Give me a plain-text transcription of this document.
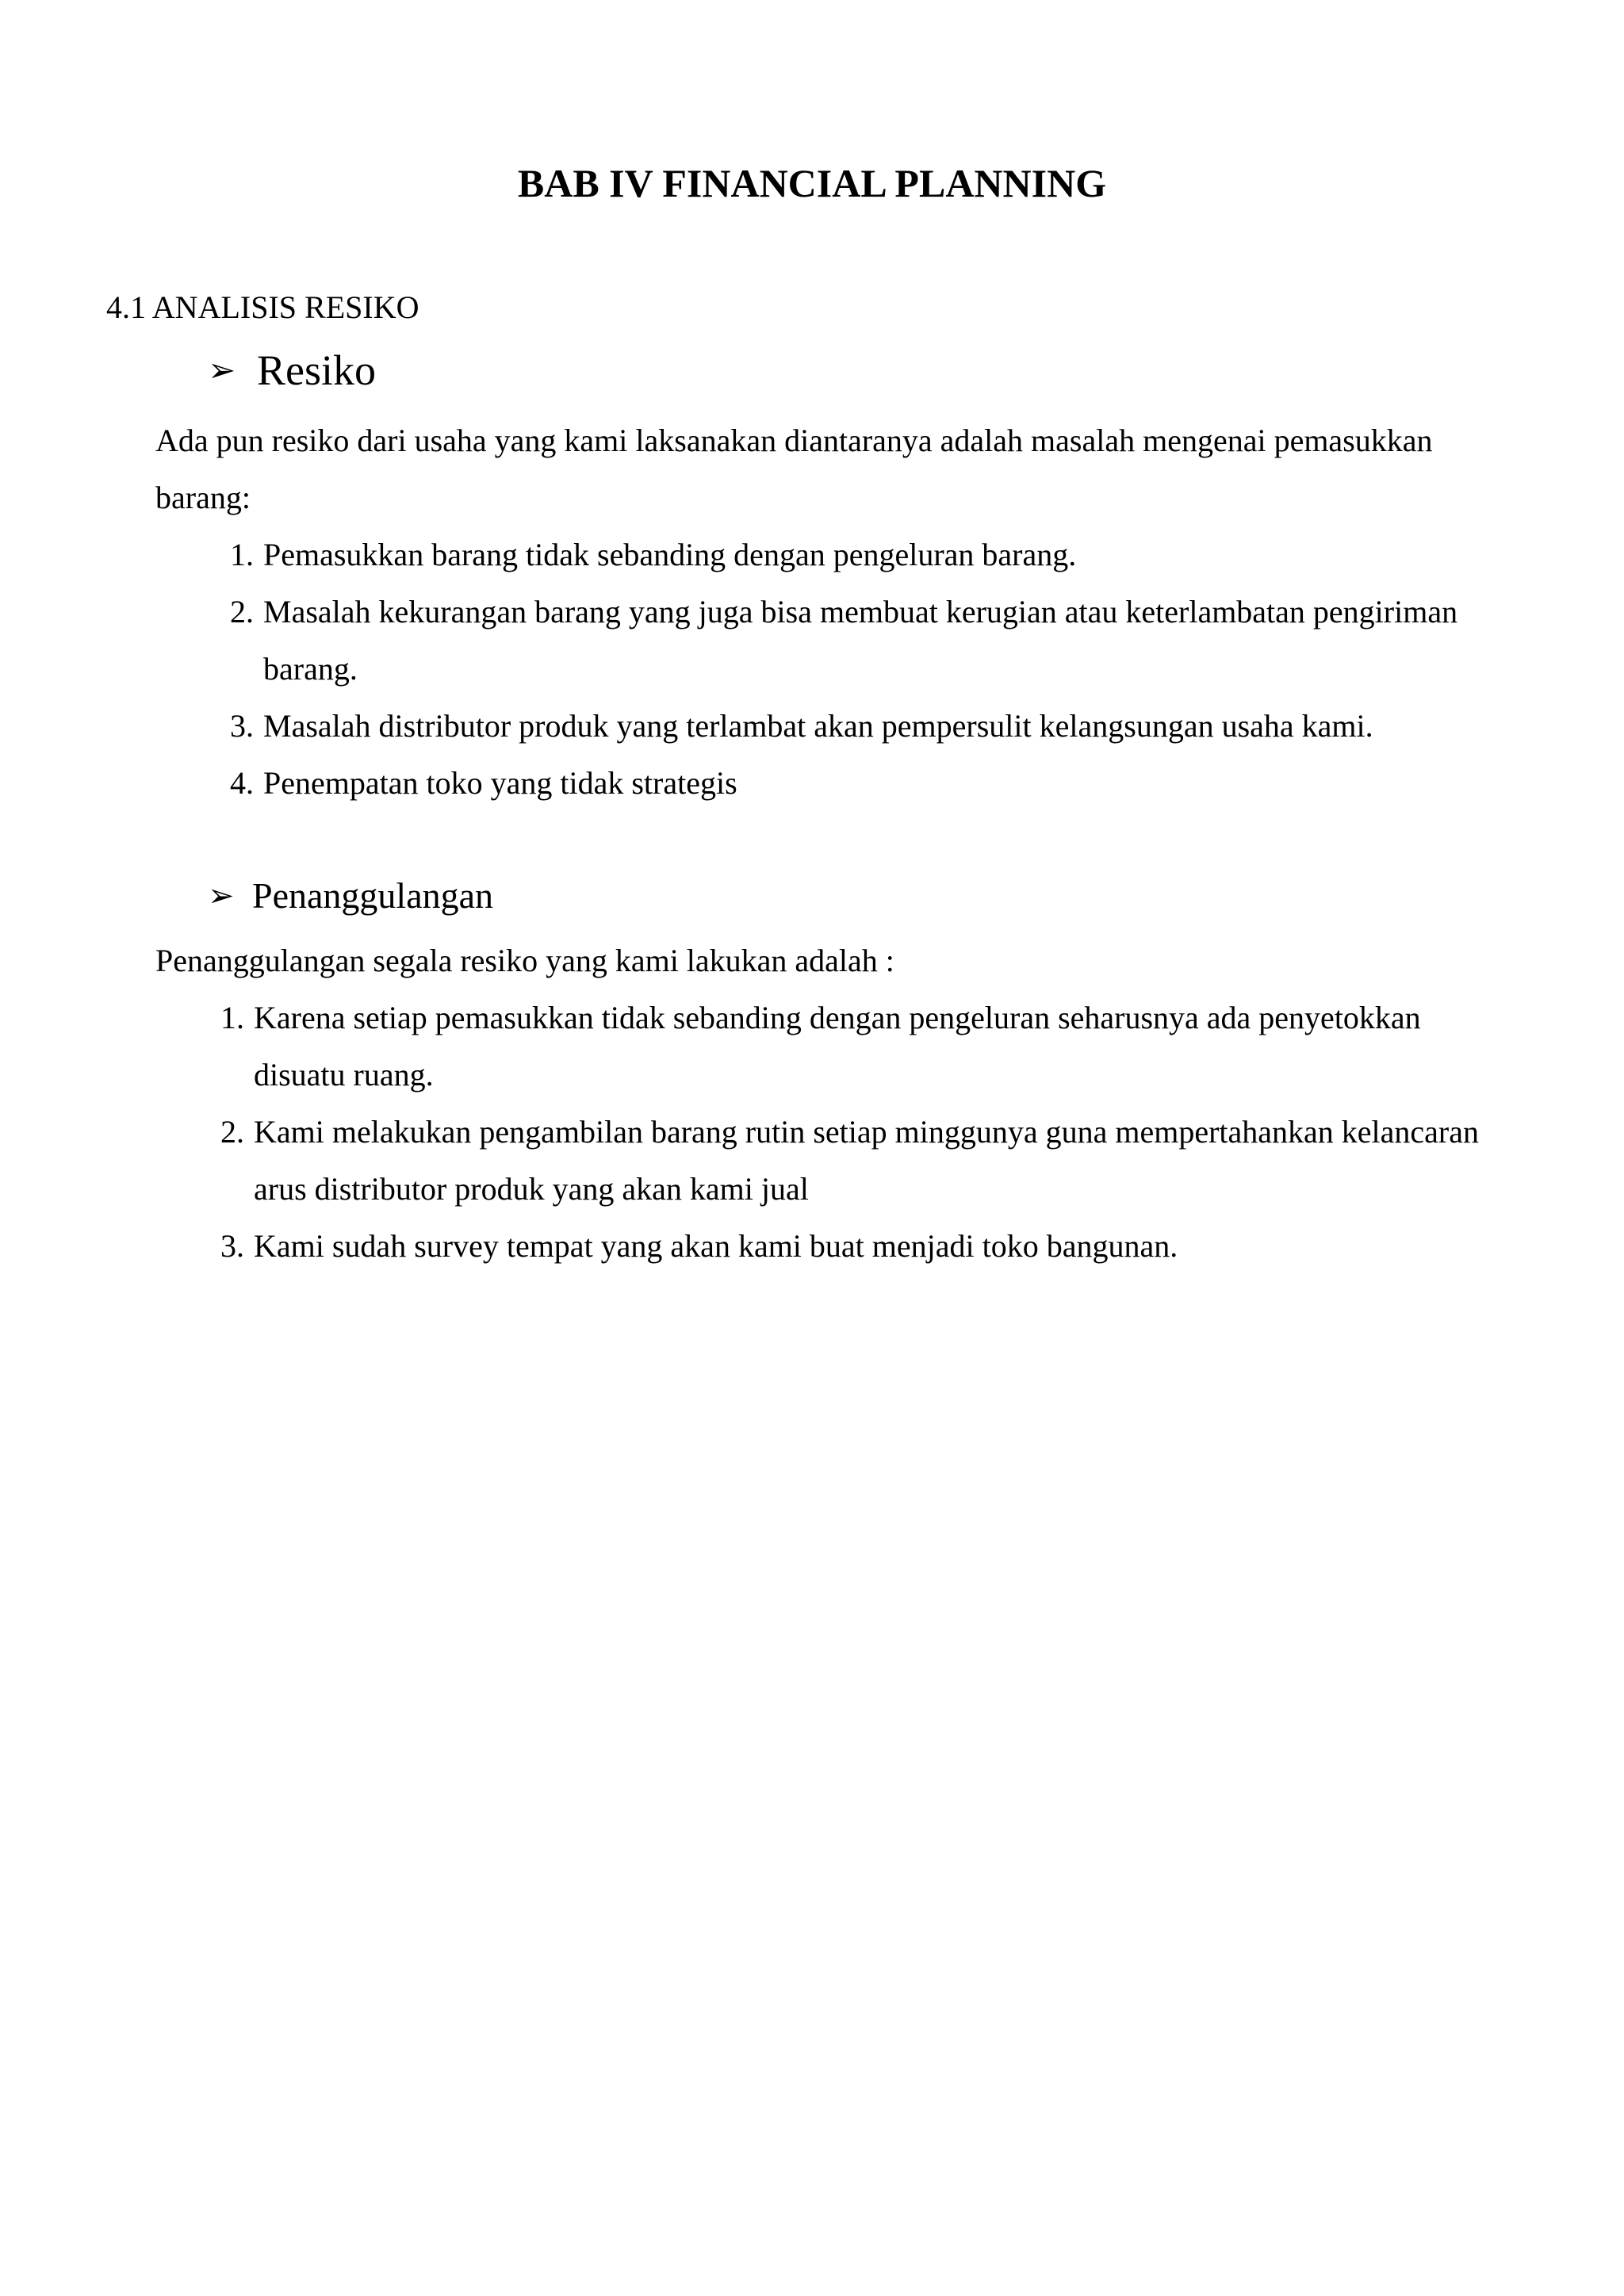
BAB IV FINANCIAL PLANNING

4.1 ANALISIS RESIKO

➢ Resiko

Ada pun resiko dari usaha yang kami laksanakan diantaranya adalah masalah mengenai pemasukkan barang:

1. Pemasukkan barang tidak sebanding dengan pengeluran barang.
2. Masalah kekurangan barang yang juga bisa membuat kerugian atau keterlambatan pengiriman barang.
3. Masalah distributor produk yang terlambat akan pempersulit kelangsungan usaha kami.
4. Penempatan toko yang tidak strategis

➢ Penanggulangan

Penanggulangan segala resiko yang kami lakukan adalah :

1. Karena setiap pemasukkan tidak sebanding dengan pengeluran seharusnya ada penyetokkan disuatu ruang.
2. Kami melakukan pengambilan barang rutin setiap minggunya guna mempertahankan kelancaran arus distributor produk yang akan kami jual
3. Kami sudah survey tempat yang akan kami buat menjadi toko bangunan.
